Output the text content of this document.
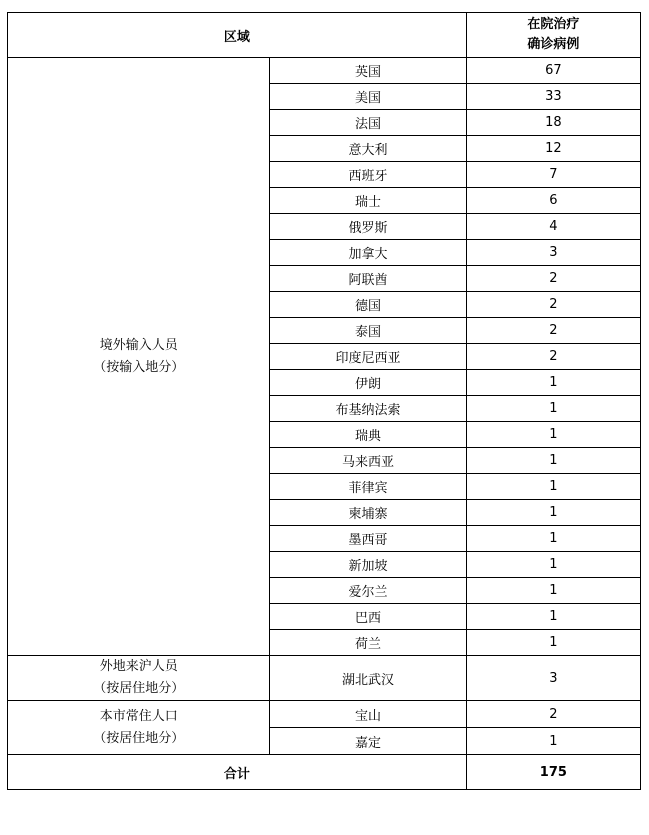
区域		在院治疗
确诊病例

境外输入人员
（按输入地分）	英国	67
	美国	33
	法国	18
	意大利	12
	西班牙	7
	瑞士	6
	俄罗斯	4
	加拿大	3
	阿联酋	2
	德国	2
	泰国	2
	印度尼西亚	2
	伊朗	1
	布基纳法索	1
	瑞典	1
	马来西亚	1
	菲律宾	1
	柬埔寨	1
	墨西哥	1
	新加坡	1
	爱尔兰	1
	巴西	1
	荷兰	1

外地来沪人员
（按居住地分）	湖北武汉	3

本市常住人口
（按居住地分）	宝山	2
	嘉定	1
合计		175
